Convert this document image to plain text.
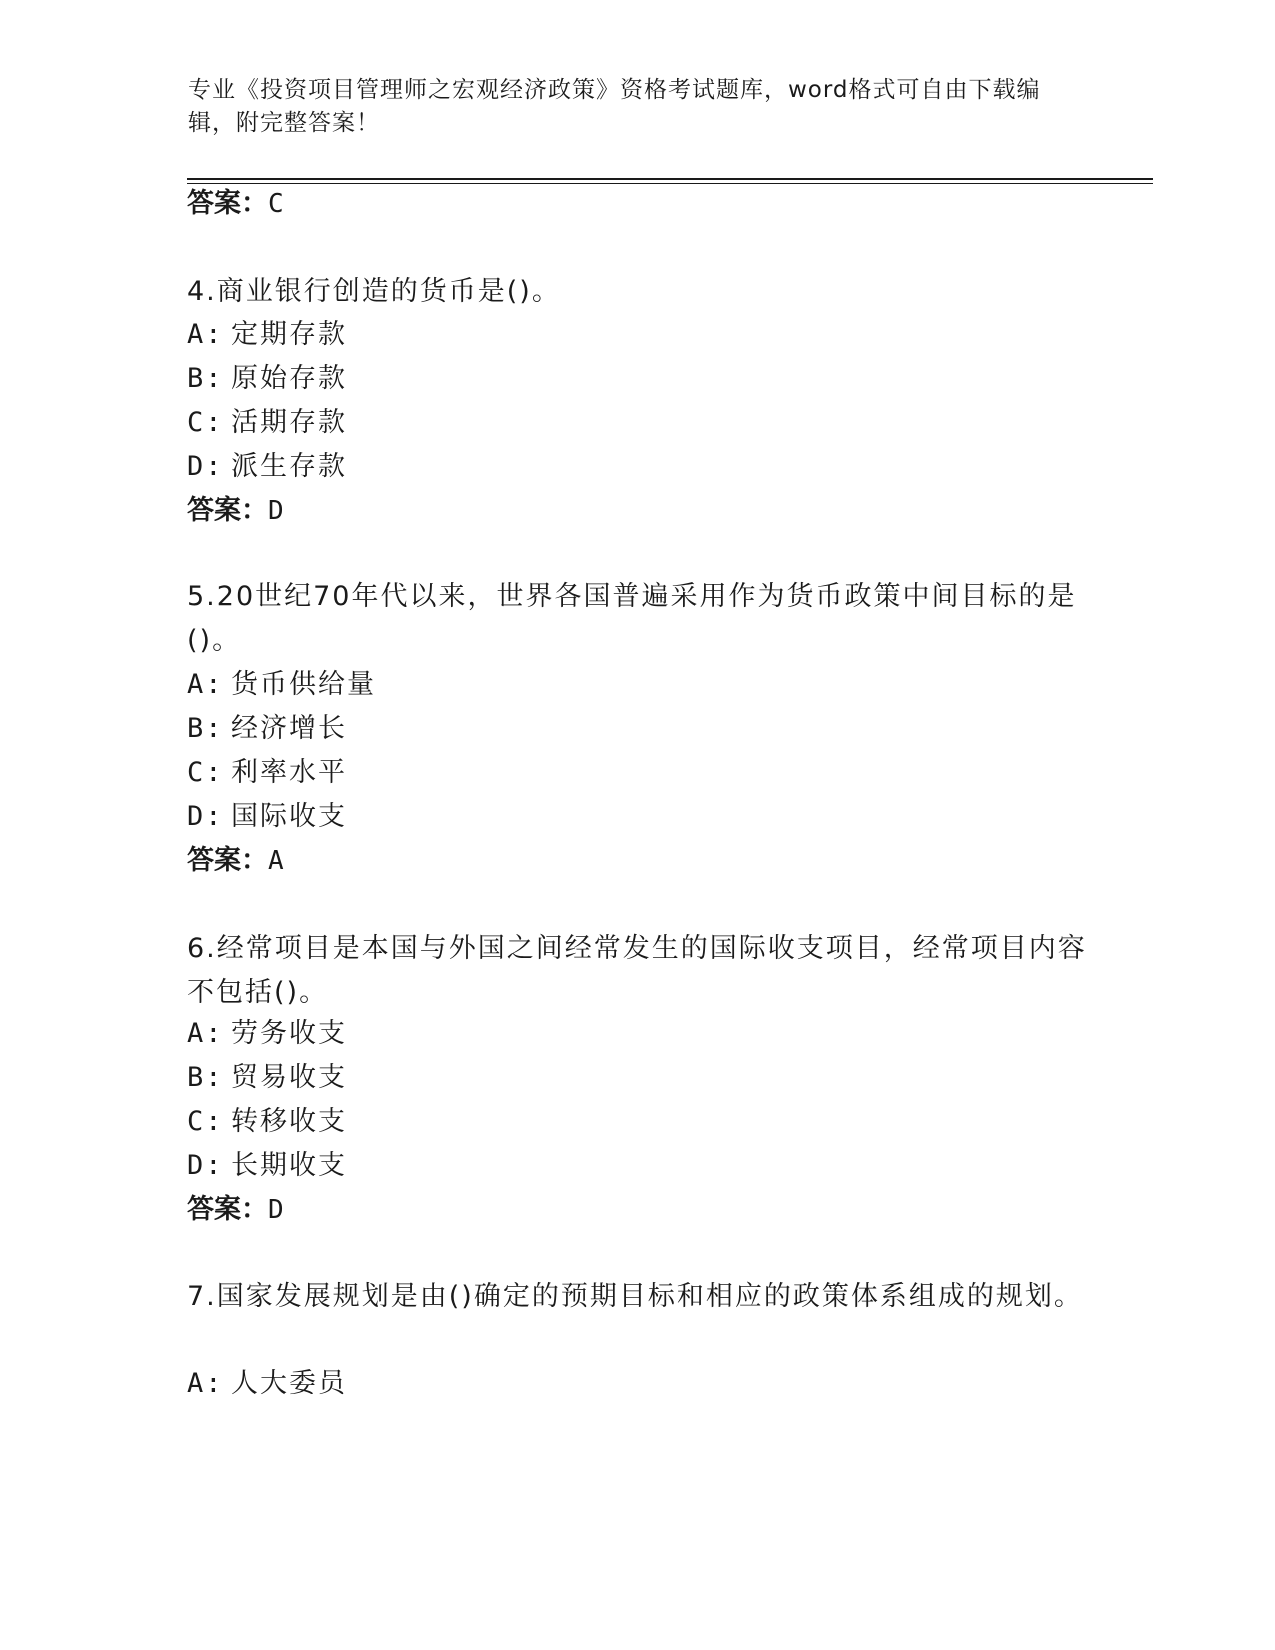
专业《投资项目管理师之宏观经济政策》资格考试题库，word格式可自由下载编辑，附完整答案！
答案：C
4.商业银行创造的货币是()。
A: 定期存款
B: 原始存款
C: 活期存款
D: 派生存款
答案：D
5.20世纪70年代以来，世界各国普遍采用作为货币政策中间目标的是()。
A: 货币供给量
B: 经济增长
C: 利率水平
D: 国际收支
答案：A
6.经常项目是本国与外国之间经常发生的国际收支项目，经常项目内容不包括()。
A: 劳务收支
B: 贸易收支
C: 转移收支
D: 长期收支
答案：D
7.国家发展规划是由()确定的预期目标和相应的政策体系组成的规划。
A: 人大委员
